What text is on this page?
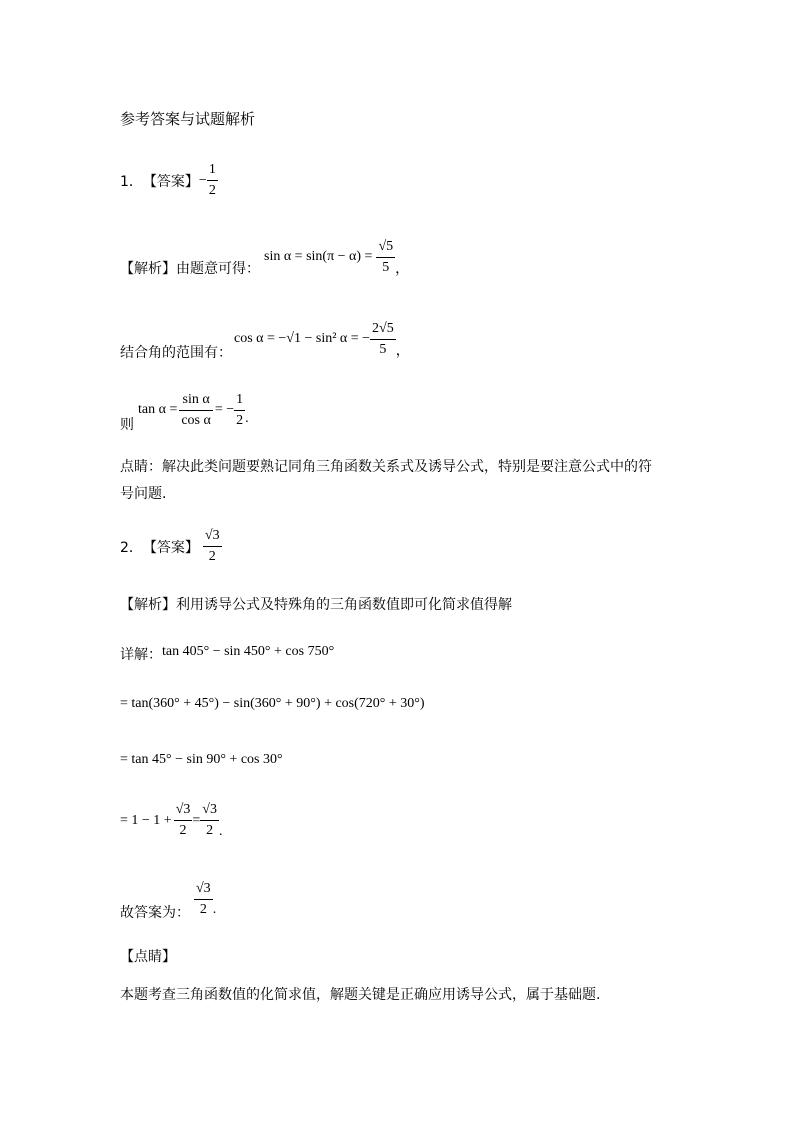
参考答案与试题解析
1． 【答案】 − $\frac{1}{2}$
【解析】由题意可得：
$\sin \alpha = \sin(\pi - \alpha) = \frac{√5}{5}$ ，
结合角的范围有：
cos α = −√1 − sin² α = − $\frac{2√5}{5}$ ，
则
$\tan \alpha = \frac{\text{sin α}}{\text{cos α}}$ = − $\frac{1}{2}$ .
点睛：解决此类问题要熟记同角三角函数关系式及诱导公式，特别是要注意公式中的符
号问题.
2． 【答案】 $\frac{√3}{2}$
【解析】利用诱导公式及特殊角的三角函数值即可化简求值得解
详解： tan 405° − sin 450° + cos 750°
= tan(360° + 45°) − sin(360° + 90°) + cos(720° + 30°)
= tan 45° − sin 90° + cos 30°
= $1 - 1 + \frac{√3}{2} = \frac{√3}{2}$ .
故答案为： $\frac{√3}{2}$ .
【点睛】
本题考查三角函数值的化简求值，解题关键是正确应用诱导公式，属于基础题.
